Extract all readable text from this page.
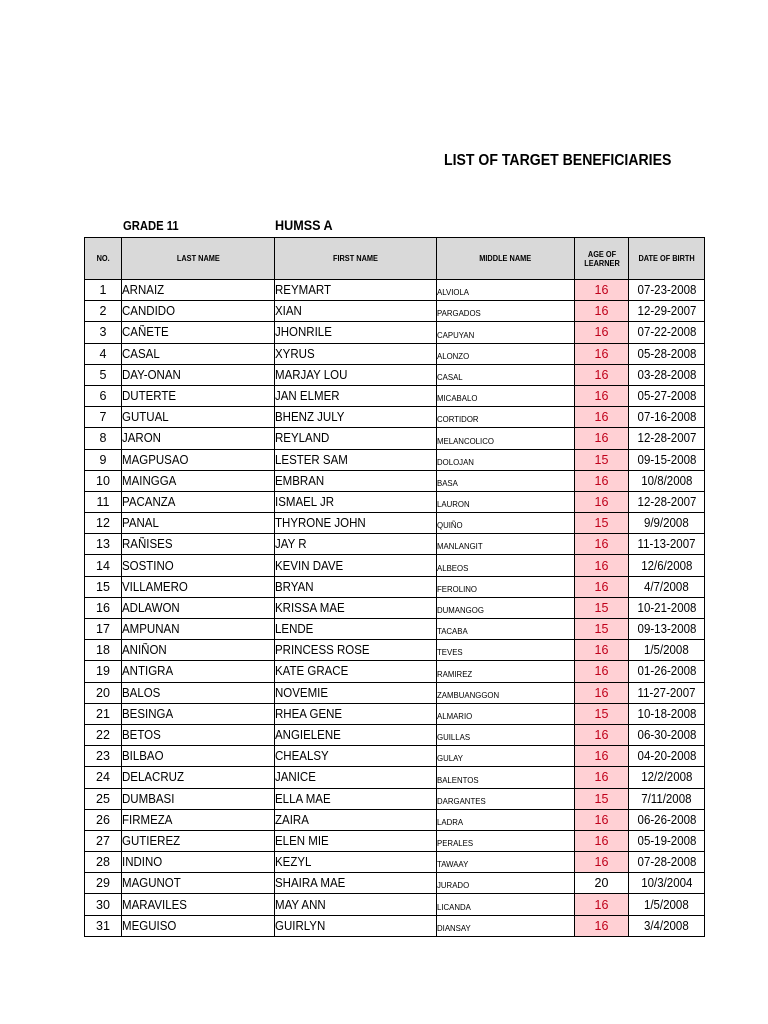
LIST OF TARGET BENEFICIARIES
GRADE 11	HUMSS A
NO.	LAST NAME	FIRST NAME	MIDDLE NAME	AGE OF LEARNER	DATE OF BIRTH
1	ARNAIZ	REYMART	ALVIOLA	16	07-23-2008
2	CANDIDO	XIAN	PARGADOS	16	12-29-2007
3	CAÑETE	JHONRILE	CAPUYAN	16	07-22-2008
4	CASAL	XYRUS	ALONZO	16	05-28-2008
5	DAY-ONAN	MARJAY LOU	CASAL	16	03-28-2008
6	DUTERTE	JAN ELMER	MICABALO	16	05-27-2008
7	GUTUAL	BHENZ JULY	CORTIDOR	16	07-16-2008
8	JARON	REYLAND	MELANCOLICO	16	12-28-2007
9	MAGPUSAO	LESTER SAM	DOLOJAN	15	09-15-2008
10	MAINGGA	EMBRAN	BASA	16	10/8/2008
11	PACANZA	ISMAEL JR	LAURON	16	12-28-2007
12	PANAL	THYRONE JOHN	QUIÑO	15	9/9/2008
13	RAÑISES	JAY R	MANLANGIT	16	11-13-2007
14	SOSTINO	KEVIN DAVE	ALBEOS	16	12/6/2008
15	VILLAMERO	BRYAN	FEROLINO	16	4/7/2008
16	ADLAWON	KRISSA MAE	DUMANGOG	15	10-21-2008
17	AMPUNAN	LENDE	TACABA	15	09-13-2008
18	ANIÑON	PRINCESS ROSE	TEVES	16	1/5/2008
19	ANTIGRA	KATE GRACE	RAMIREZ	16	01-26-2008
20	BALOS	NOVEMIE	ZAMBUANGGON	16	11-27-2007
21	BESINGA	RHEA GENE	ALMARIO	15	10-18-2008
22	BETOS	ANGIELENE	GUILLAS	16	06-30-2008
23	BILBAO	CHEALSY	GULAY	16	04-20-2008
24	DELACRUZ	JANICE	BALENTOS	16	12/2/2008
25	DUMBASI	ELLA MAE	DARGANTES	15	7/11/2008
26	FIRMEZA	ZAIRA	LADRA	16	06-26-2008
27	GUTIEREZ	ELEN MIE	PERALES	16	05-19-2008
28	INDINO	KEZYL	TAWAAY	16	07-28-2008
29	MAGUNOT	SHAIRA MAE	JURADO	20	10/3/2004
30	MARAVILES	MAY ANN	LICANDA	16	1/5/2008
31	MEGUISO	GUIRLYN	DIANSAY	16	3/4/2008
